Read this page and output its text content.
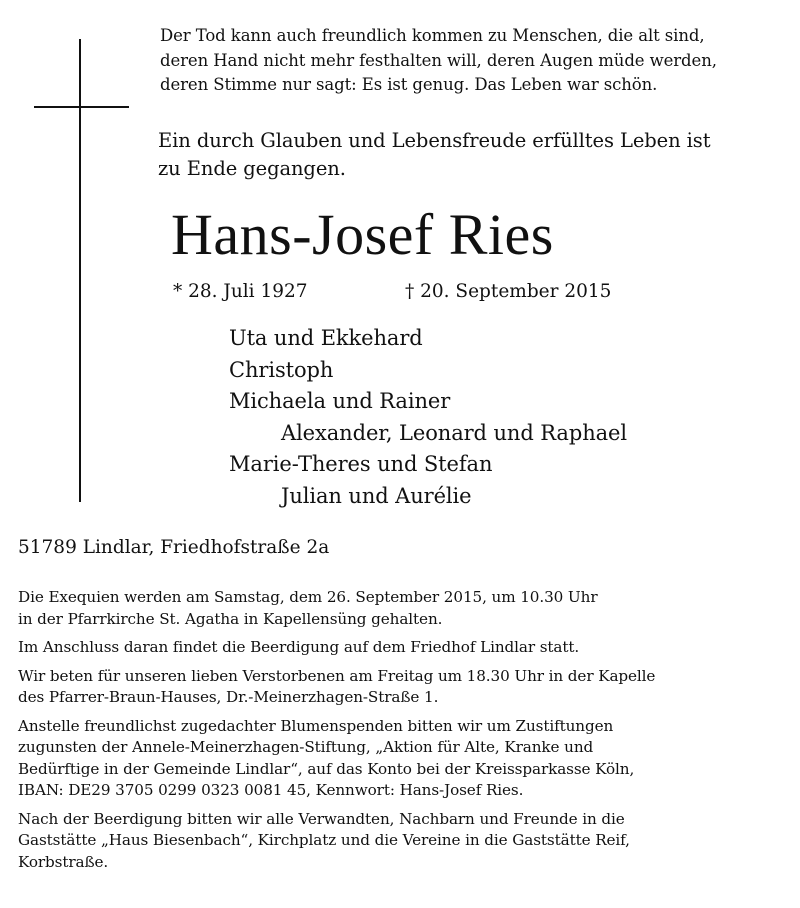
Der Tod kann auch freundlich kommen zu Menschen, die alt sind,
deren Hand nicht mehr festhalten will, deren Augen müde werden,
deren Stimme nur sagt: Es ist genug. Das Leben war schön.
Ein durch Glauben und Lebensfreude erfülltes Leben ist
zu Ende gegangen.
Hans-Josef Ries
* 28. Juli 1927	† 20. September 2015
Uta und Ekkehard
Christoph
Michaela und Rainer
Alexander, Leonard und Raphael
Marie-Theres und Stefan
Julian und Aurélie
51789 Lindlar, Friedhofstraße 2a
Die Exequien werden am Samstag, dem 26. September 2015, um 10.30 Uhr
in der Pfarrkirche St. Agatha in Kapellensüng gehalten.
Im Anschluss daran findet die Beerdigung auf dem Friedhof Lindlar statt.
Wir beten für unseren lieben Verstorbenen am Freitag um 18.30 Uhr in der Kapelle
des Pfarrer-Braun-Hauses, Dr.-Meinerzhagen-Straße 1.
Anstelle freundlichst zugedachter Blumenspenden bitten wir um Zustiftungen
zugunsten der Annele-Meinerzhagen-Stiftung, „Aktion für Alte, Kranke und
Bedürftige in der Gemeinde Lindlar“, auf das Konto bei der Kreissparkasse Köln,
IBAN: DE29 3705 0299 0323 0081 45, Kennwort: Hans-Josef Ries.
Nach der Beerdigung bitten wir alle Verwandten, Nachbarn und Freunde in die
Gaststätte „Haus Biesenbach“, Kirchplatz und die Vereine in die Gaststätte Reif,
Korbstraße.
